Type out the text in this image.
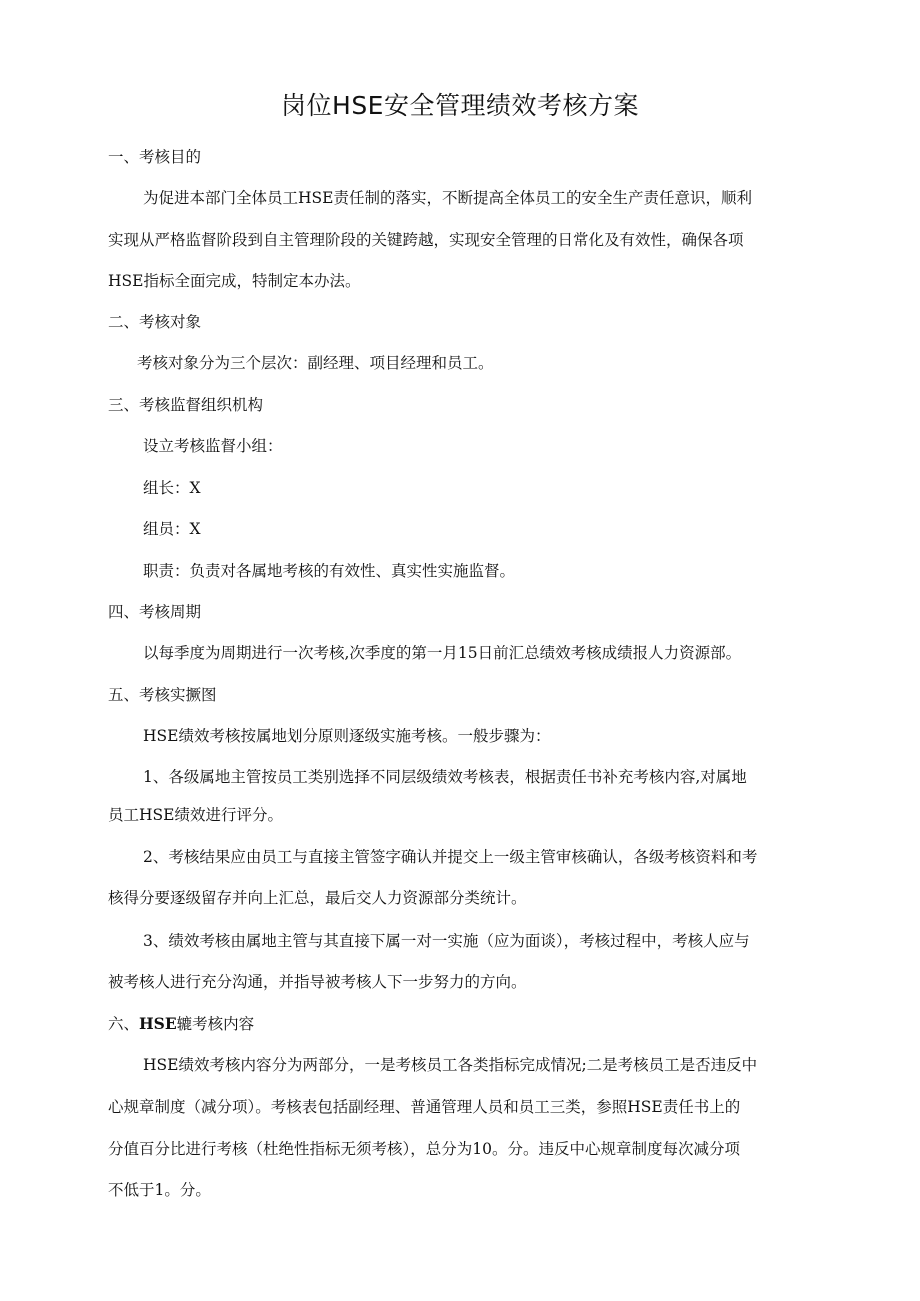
岗位HSE安全管理绩效考核方案

一、考核目的

为促进本部门全体员工HSE责任制的落实，不断提高全体员工的安全生产责任意识，顺利

实现从严格监督阶段到自主管理阶段的关键跨越，实现安全管理的日常化及有效性，确保各项

HSE指标全面完成，特制定本办法。

二、考核对象

考核对象分为三个层次：副经理、项目经理和员工。

三、考核监督组织机构

设立考核监督小组：

组长：X

组员：X

职责：负责对各属地考核的有效性、真实性实施监督。

四、考核周期

以每季度为周期进行一次考核,次季度的第一月15日前汇总绩效考核成绩报人力资源部。

五、考核实撅图

HSE绩效考核按属地划分原则逐级实施考核。一般步骤为：

1、各级属地主管按员工类别选择不同层级绩效考核表，根据责任书补充考核内容,对属地

员工HSE绩效进行评分。

2、考核结果应由员工与直接主管签字确认并提交上一级主管审核确认，各级考核资料和考

核得分要逐级留存并向上汇总，最后交人力资源部分类统计。

3、绩效考核由属地主管与其直接下属一对一实施（应为面谈），考核过程中，考核人应与

被考核人进行充分沟通，并指导被考核人下一步努力的方向。

六、HSE辘考核内容

HSE绩效考核内容分为两部分，一是考核员工各类指标完成情况;二是考核员工是否违反中

心规章制度（减分项）。考核表包括副经理、普通管理人员和员工三类，参照HSE责任书上的

分值百分比进行考核（杜绝性指标无须考核），总分为10。分。违反中心规章制度每次减分项

不低于1。分。
